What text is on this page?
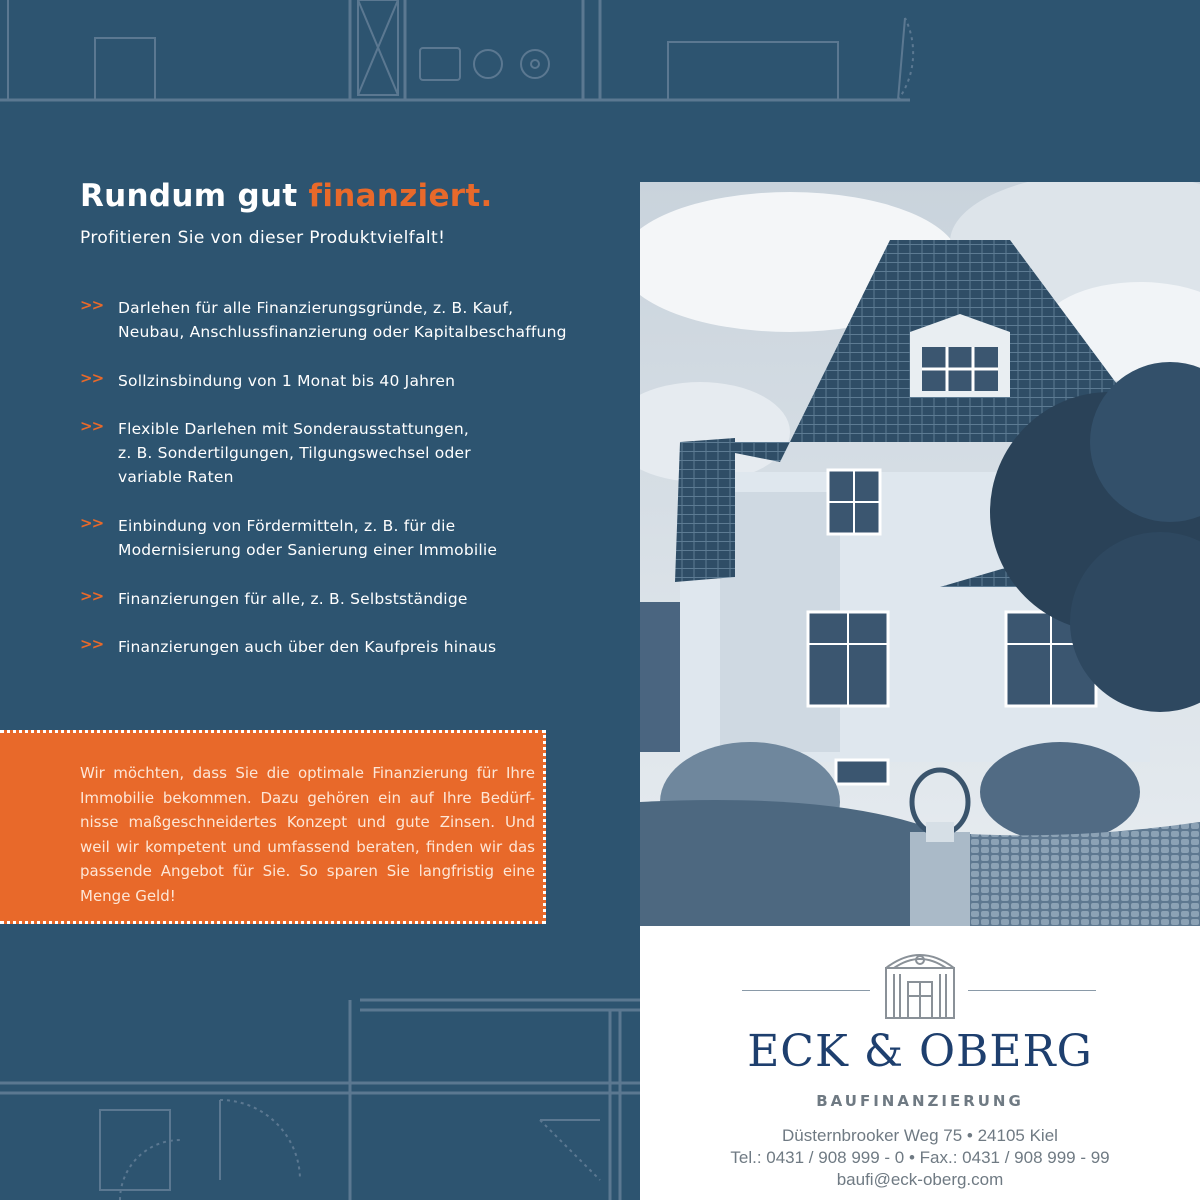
Rundum gut finanziert.
Profitieren Sie von dieser Produktvielfalt!
>> Darlehen für alle Finanzierungsgründe, z. B. Kauf,
Neubau, Anschlussfinanzierung oder Kapitalbeschaffung
>> Sollzinsbindung von 1 Monat bis 40 Jahren
>> Flexible Darlehen mit Sonderausstattungen,
z. B. Sondertilgungen, Tilgungswechsel oder
variable Raten
>> Einbindung von Fördermitteln, z. B. für die
Modernisierung oder Sanierung einer Immobilie
>> Finanzierungen für alle, z. B. Selbstständige
>> Finanzierungen auch über den Kaufpreis hinaus

Wir möchten, dass Sie die optimale Finanzierung für Ihre Immobilie bekommen. Dazu gehören ein auf Ihre Bedürf-nisse maßgeschneidertes Konzept und gute Zinsen. Und weil wir kompetent und umfassend beraten, finden wir das passende Angebot für Sie. So sparen Sie langfristig eine Menge Geld!

ECK & OBERG
BAUFINANZIERUNG
Düsternbrooker Weg 75 • 24105 Kiel
Tel.: 0431 / 908 999 - 0 • Fax.: 0431 / 908 999 - 99
baufi@eck-oberg.com
